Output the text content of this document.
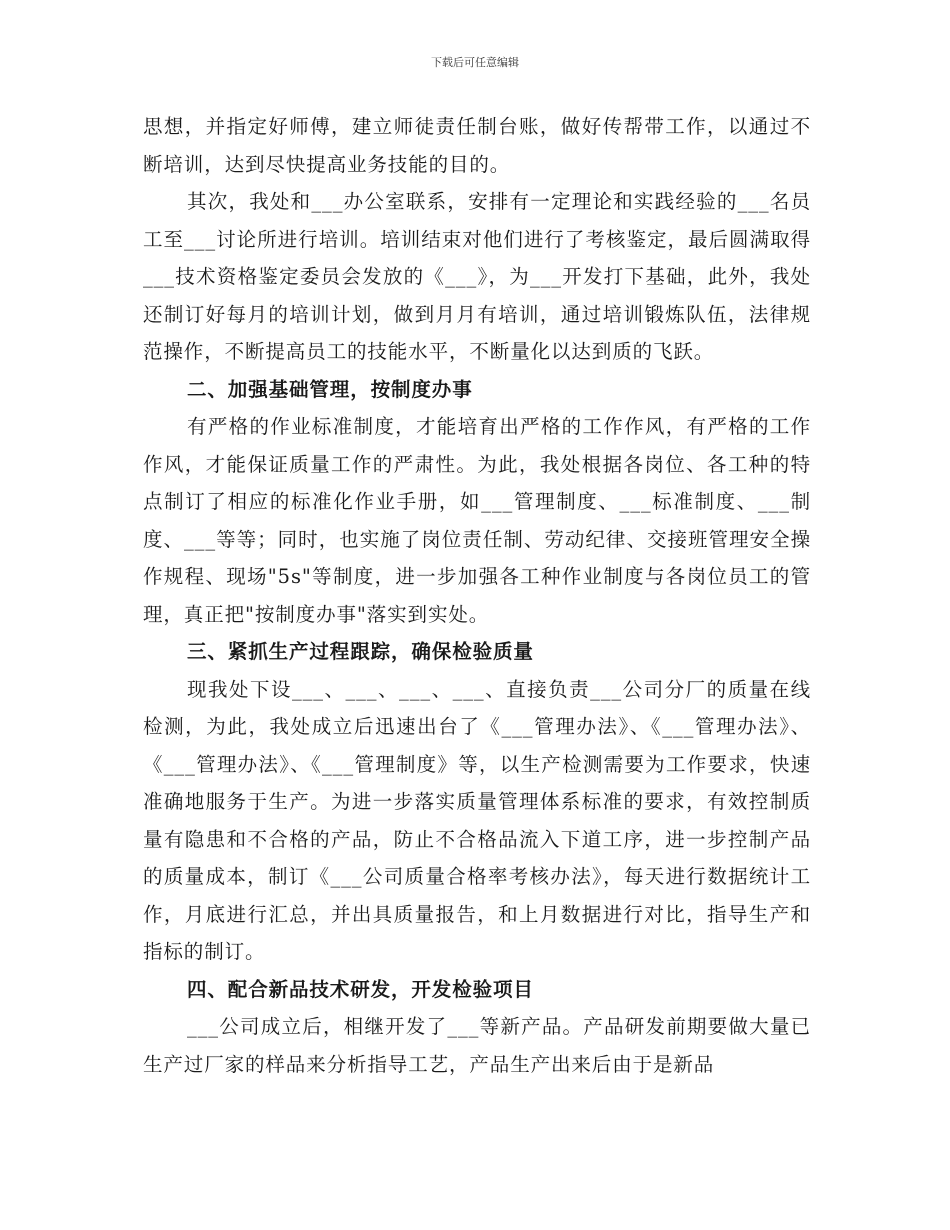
下载后可任意编辑

思想，并指定好师傅，建立师徒责任制台账，做好传帮带工作，以通过不断培训，达到尽快提高业务技能的目的。

其次，我处和___办公室联系，安排有一定理论和实践经验的___名员工至___讨论所进行培训。培训结束对他们进行了考核鉴定，最后圆满取得___技术资格鉴定委员会发放的《___》，为___开发打下基础，此外，我处还制订好每月的培训计划，做到月月有培训，通过培训锻炼队伍，法律规范操作，不断提高员工的技能水平，不断量化以达到质的飞跃。

二、加强基础管理，按制度办事

有严格的作业标准制度，才能培育出严格的工作作风，有严格的工作作风，才能保证质量工作的严肃性。为此，我处根据各岗位、各工种的特点制订了相应的标准化作业手册，如___管理制度、___标准制度、___制度、___等等；同时，也实施了岗位责任制、劳动纪律、交接班管理安全操作规程、现场"5s"等制度，进一步加强各工种作业制度与各岗位员工的管理，真正把"按制度办事"落实到实处。

三、紧抓生产过程跟踪，确保检验质量

现我处下设___、___、___、___、直接负责___公司分厂的质量在线检测，为此，我处成立后迅速出台了《___管理办法》、《___管理办法》、《___管理办法》、《___管理制度》等，以生产检测需要为工作要求，快速准确地服务于生产。为进一步落实质量管理体系标准的要求，有效控制质量有隐患和不合格的产品，防止不合格品流入下道工序，进一步控制产品的质量成本，制订《___公司质量合格率考核办法》，每天进行数据统计工作，月底进行汇总，并出具质量报告，和上月数据进行对比，指导生产和指标的制订。

四、配合新品技术研发，开发检验项目

___公司成立后，相继开发了___等新产品。产品研发前期要做大量已生产过厂家的样品来分析指导工艺，产品生产出来后由于是新品
